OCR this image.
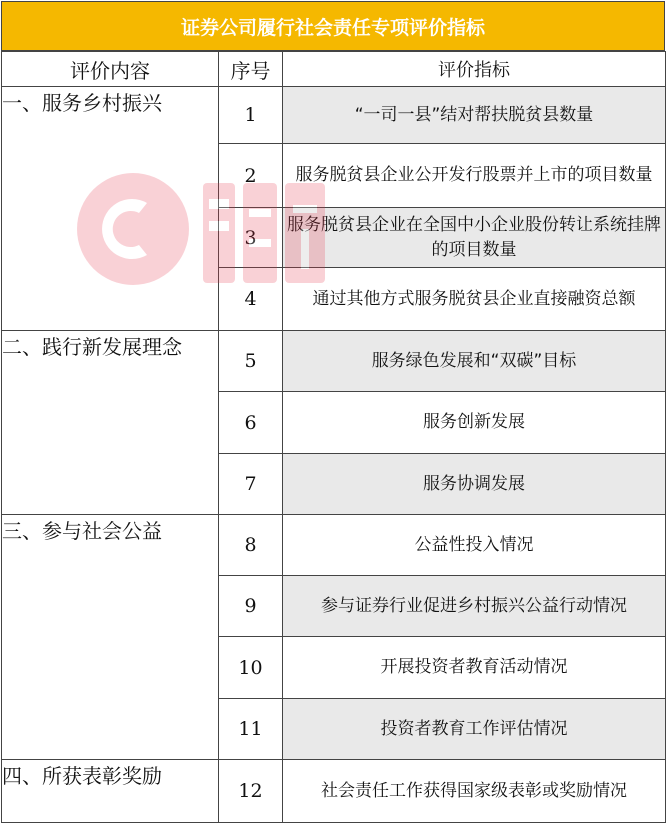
证券公司履行社会责任专项评价指标
评价内容	序号	评价指标
一、服务乡村振兴	1	“一司一县”结对帮扶脱贫县数量
	2	服务脱贫县企业公开发行股票并上市的项目数量
	3	服务脱贫县企业在全国中小企业股份转让系统挂牌的项目数量
	4	通过其他方式服务脱贫县企业直接融资总额
二、践行新发展理念	5	服务绿色发展和“双碳”目标
	6	服务创新发展
	7	服务协调发展
三、参与社会公益	8	公益性投入情况
	9	参与证券行业促进乡村振兴公益行动情况
	10	开展投资者教育活动情况
	11	投资者教育工作评估情况
四、所获表彰奖励	12	社会责任工作获得国家级表彰或奖励情况
